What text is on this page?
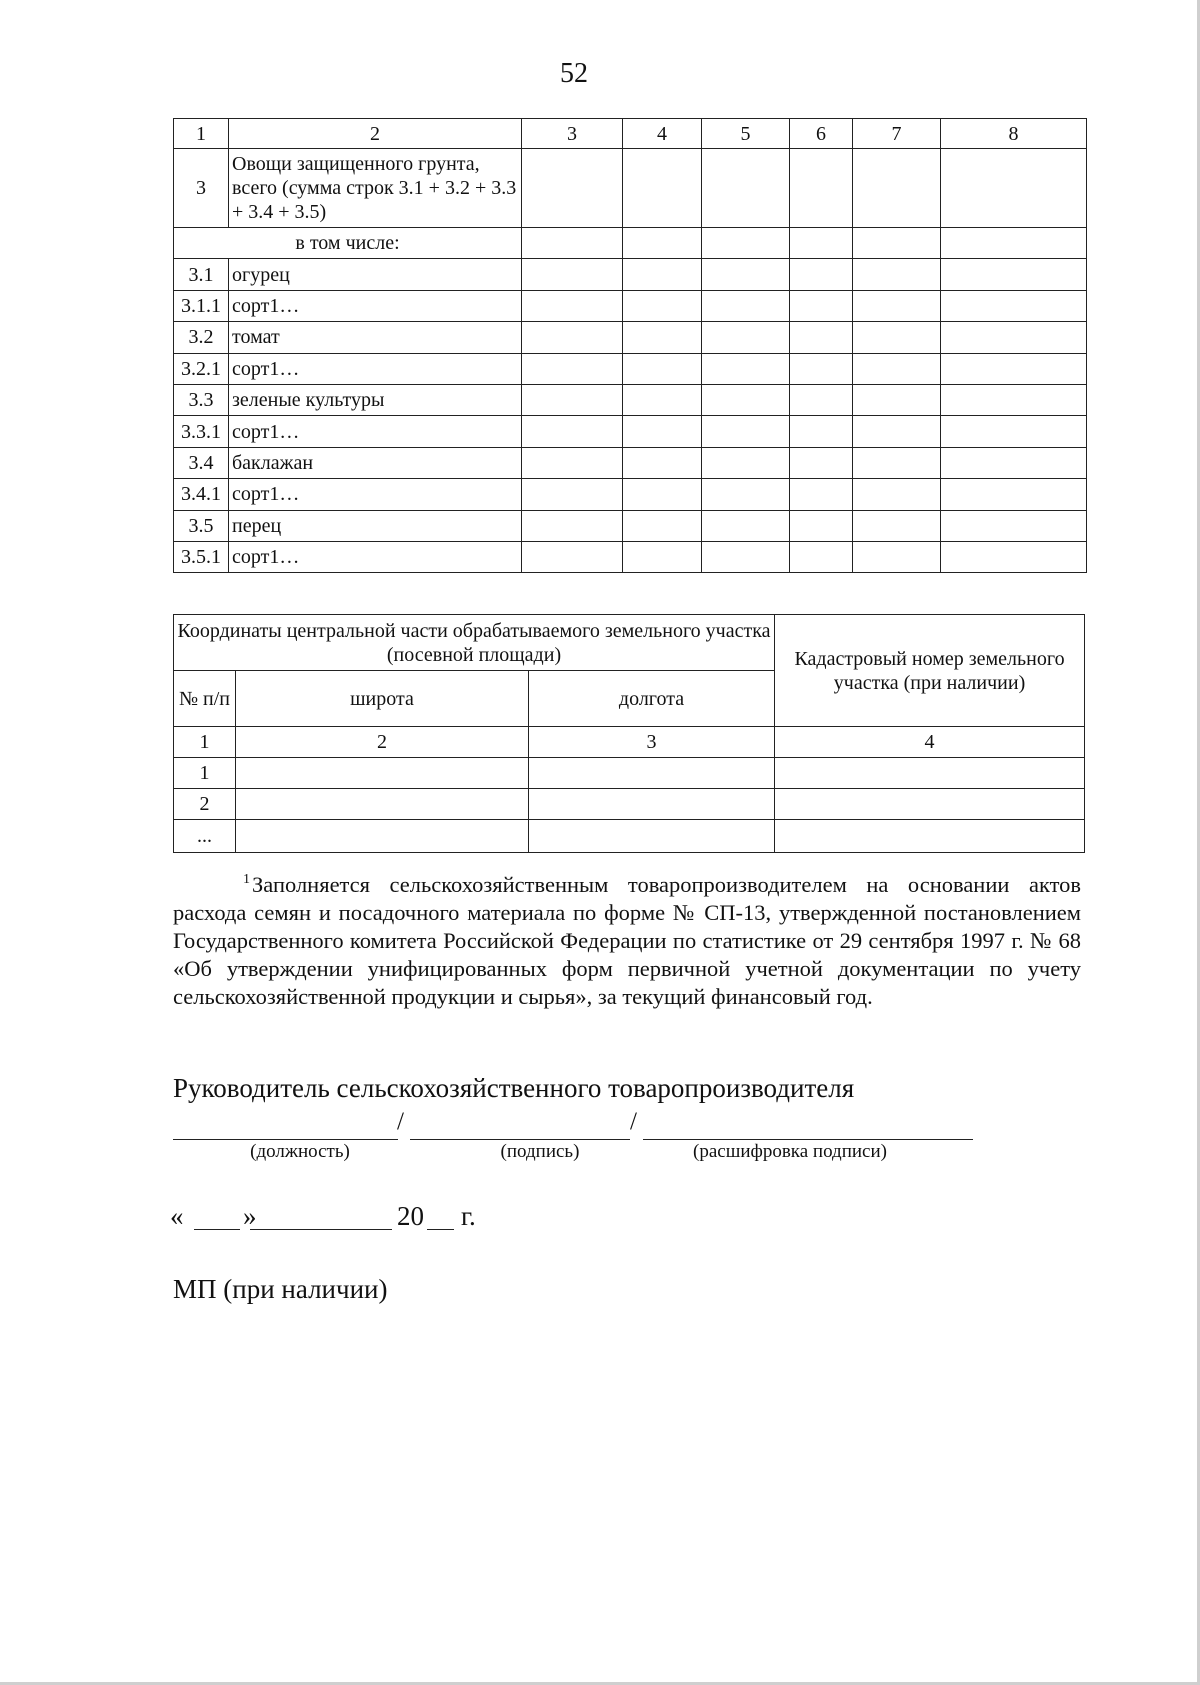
52
1	2	3	4	5	6	7	8
3	Овощи защищенного грунта, всего (сумма строк 3.1 + 3.2 + 3.3 + 3.4 + 3.5)						
в том числе:							
3.1	огурец						
3.1.1	сорт1…						
3.2	томат						
3.2.1	сорт1…						
3.3	зеленые культуры						
3.3.1	сорт1…						
3.4	баклажан						
3.4.1	сорт1…						
3.5	перец						
3.5.1	сорт1…						
Координаты центральной части обрабатываемого земельного участка (посевной площади)			Кадастровый номер земельного участка (при наличии)
№ п/п	широта	долгота	
1	2	3	4
1			
2			
...			
$^1$Заполняется сельскохозяйственным товаропроизводителем на основании актов расхода семян и посадочного материала по форме № СП-13, утвержденной постановлением Государственного комитета Российской Федерации по статистике от 29 сентября 1997 г. № 68 «Об утверждении унифицированных форм первичной учетной документации по учету сельскохозяйственной продукции и сырья», за текущий финансовый год.
Руководитель сельскохозяйственного товаропроизводителя
/	/
(должность)	(подпись)	(расшифровка подписи)
« »	20 г.
МП (при наличии)
